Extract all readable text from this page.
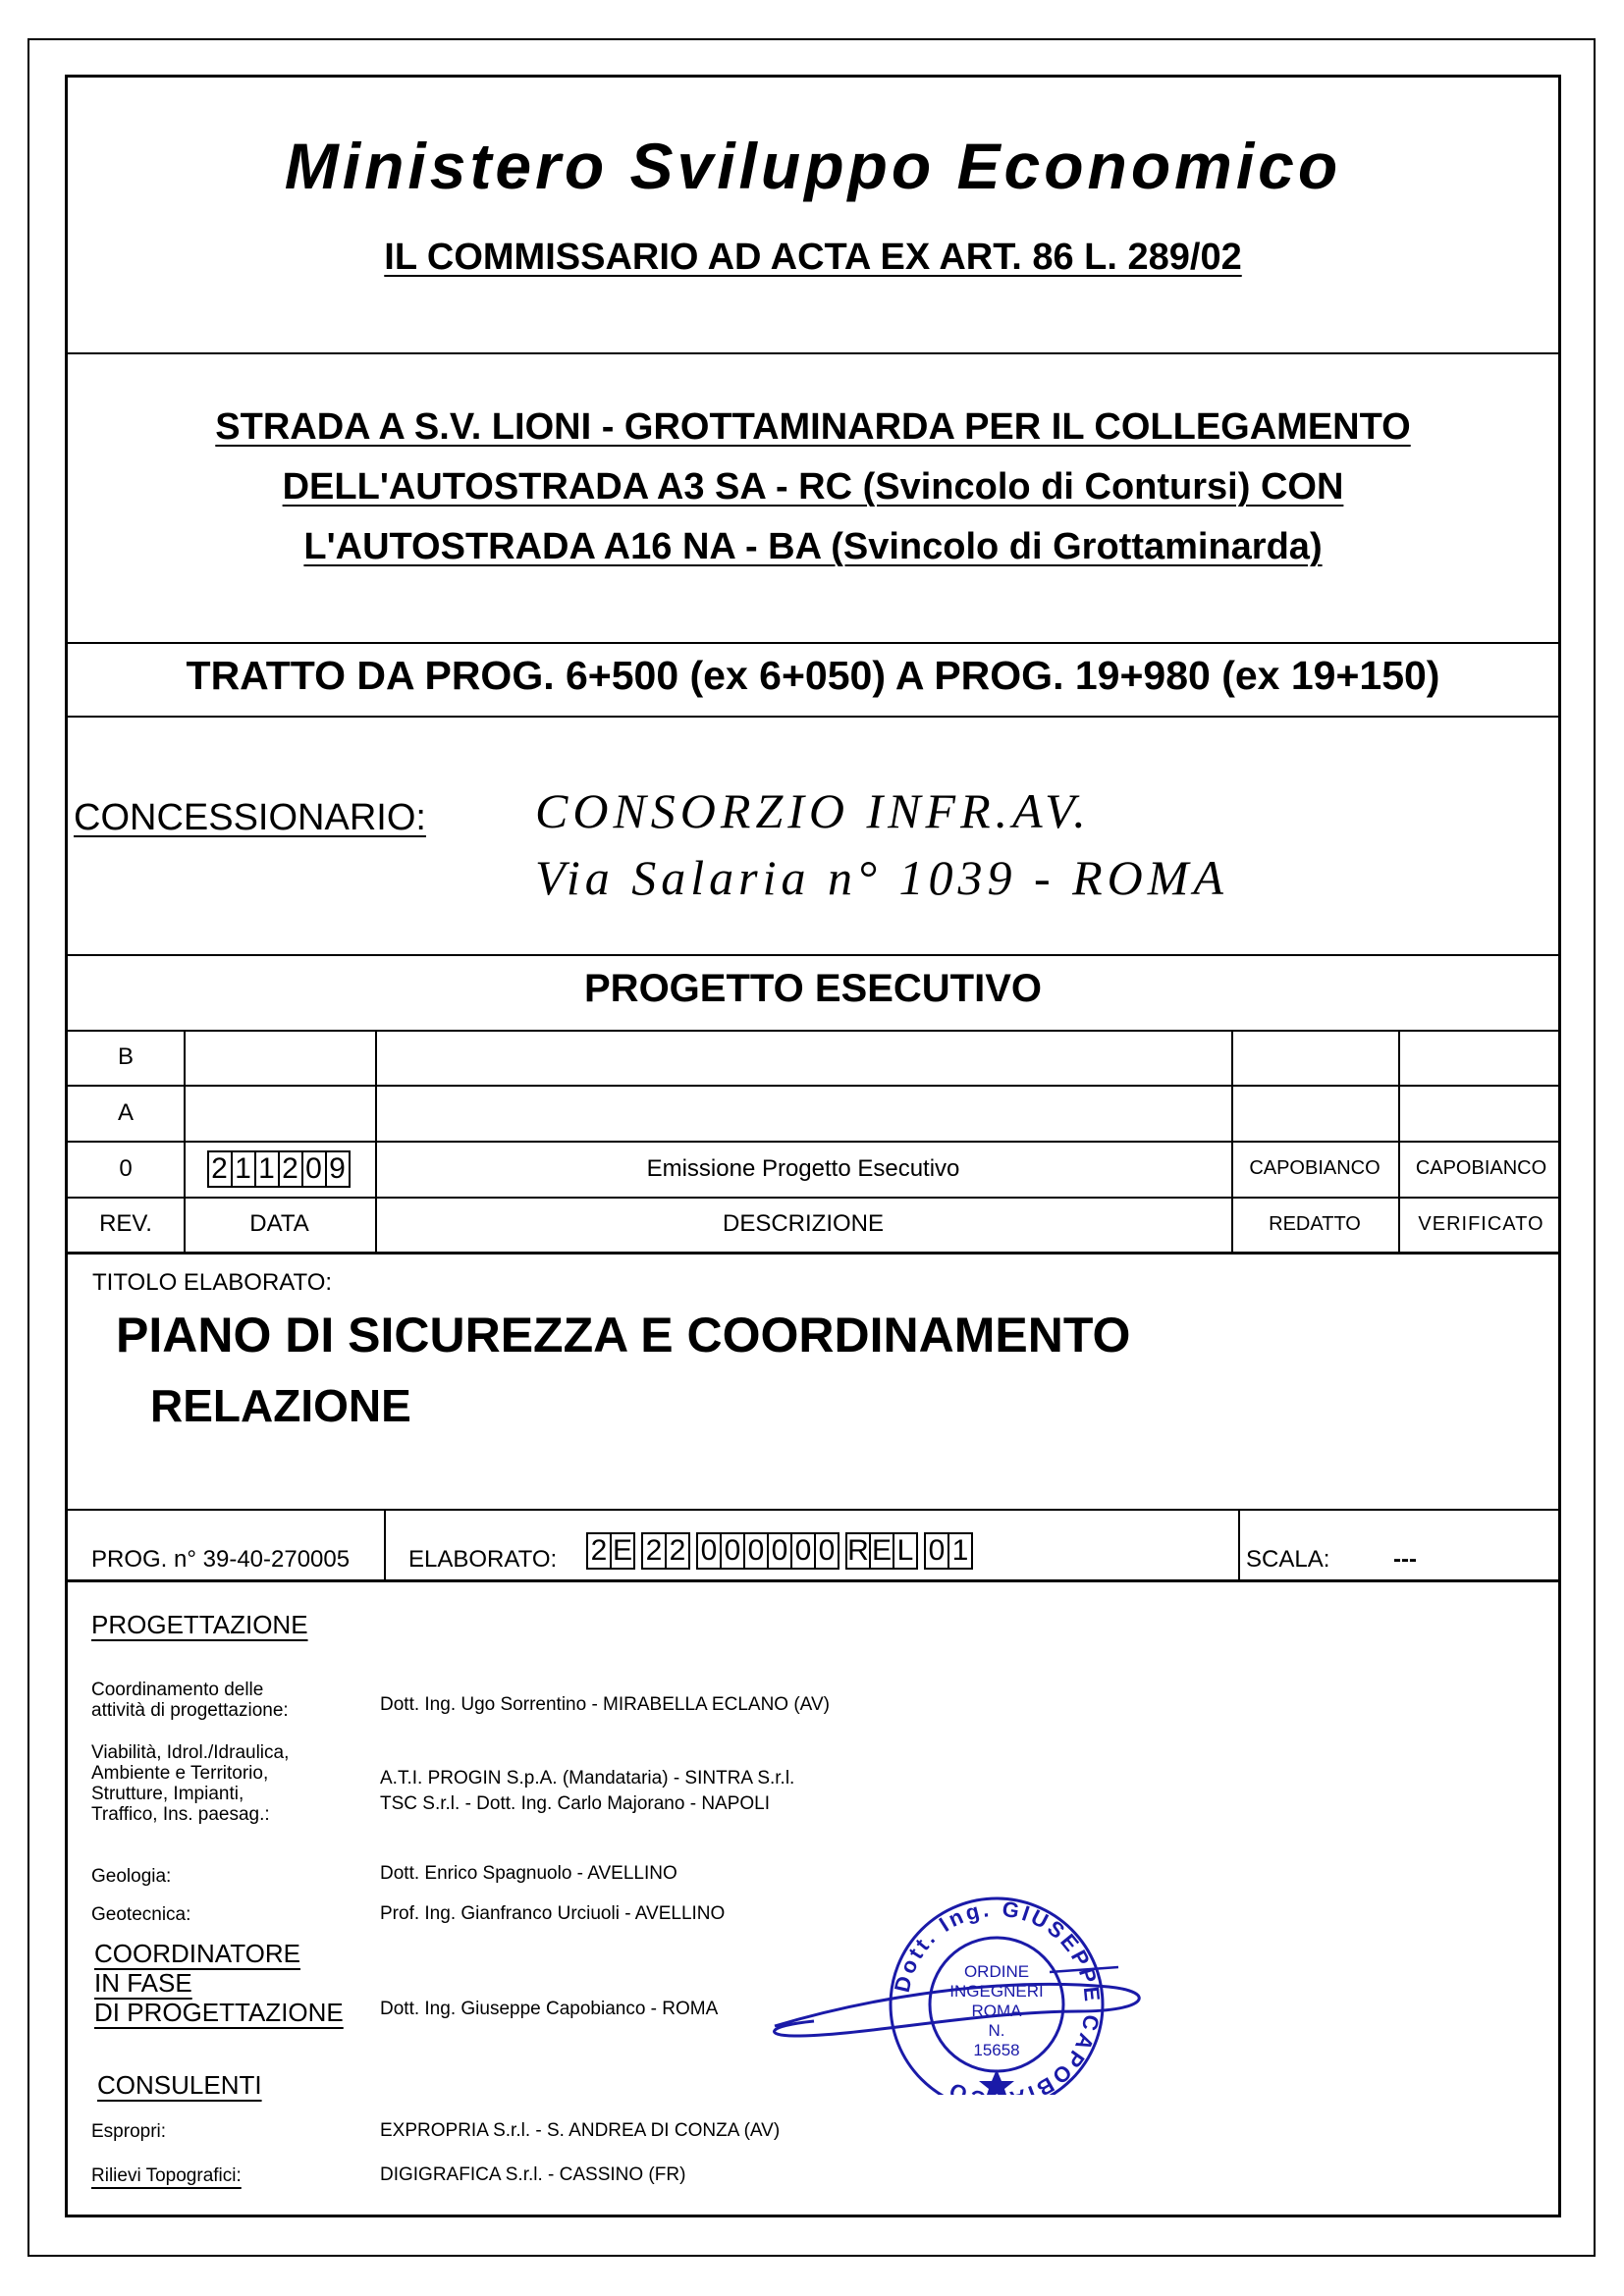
Ministero Sviluppo Economico
IL COMMISSARIO AD ACTA EX ART. 86 L. 289/02
STRADA A S.V. LIONI - GROTTAMINARDA PER IL COLLEGAMENTO
DELL'AUTOSTRADA A3 SA - RC (Svincolo di Contursi) CON
L'AUTOSTRADA A16 NA - BA (Svincolo di Grottaminarda)
TRATTO DA PROG. 6+500 (ex 6+050) A PROG. 19+980 (ex 19+150)
CONCESSIONARIO: CONSORZIO INFR.AV.
Via Salaria n° 1039 - ROMA
PROGETTO ESECUTIVO
B
A
0	2 1 1 2 0 9	Emissione Progetto Esecutivo	CAPOBIANCO	CAPOBIANCO
REV.	DATA	DESCRIZIONE	REDATTO	VERIFICATO
TITOLO ELABORATO:
PIANO DI SICUREZZA E COORDINAMENTO
RELAZIONE
PROG. n° 39-40-270005 ELABORATO: 2 E 2 2 0 0 0 0 0 0 R E L 0 1	SCALA:	---
PROGETTAZIONE
Coordinamento delle
attività di progettazione:	Dott. Ing. Ugo Sorrentino - MIRABELLA ECLANO (AV)
Viabilità, Idrol./Idraulica,
Ambiente e Territorio,
Strutture, Impianti,
Traffico, Ins. paesag.:
A.T.I. PROGIN S.p.A. (Mandataria) - SINTRA S.r.l.
TSC S.r.l. - Dott. Ing. Carlo Majorano - NAPOLI
Geologia:	Dott. Enrico Spagnuolo - AVELLINO
Geotecnica:	Prof. Ing. Gianfranco Urciuoli - AVELLINO
COORDINATORE
IN FASE
DI PROGETTAZIONE Dott. Ing. Giuseppe Capobianco - ROMA
Dott. Ing. GIUSEPPE CAPOBI O
ORDINE
INGEGNERI
ROMA
N.
15658
CONSULENTI
Espropri:	EXPROPRIA S.r.l. - S. ANDREA DI CONZA (AV)
Rilievi Topografici:	DIGIGRAFICA S.r.l. - CASSINO (FR)
